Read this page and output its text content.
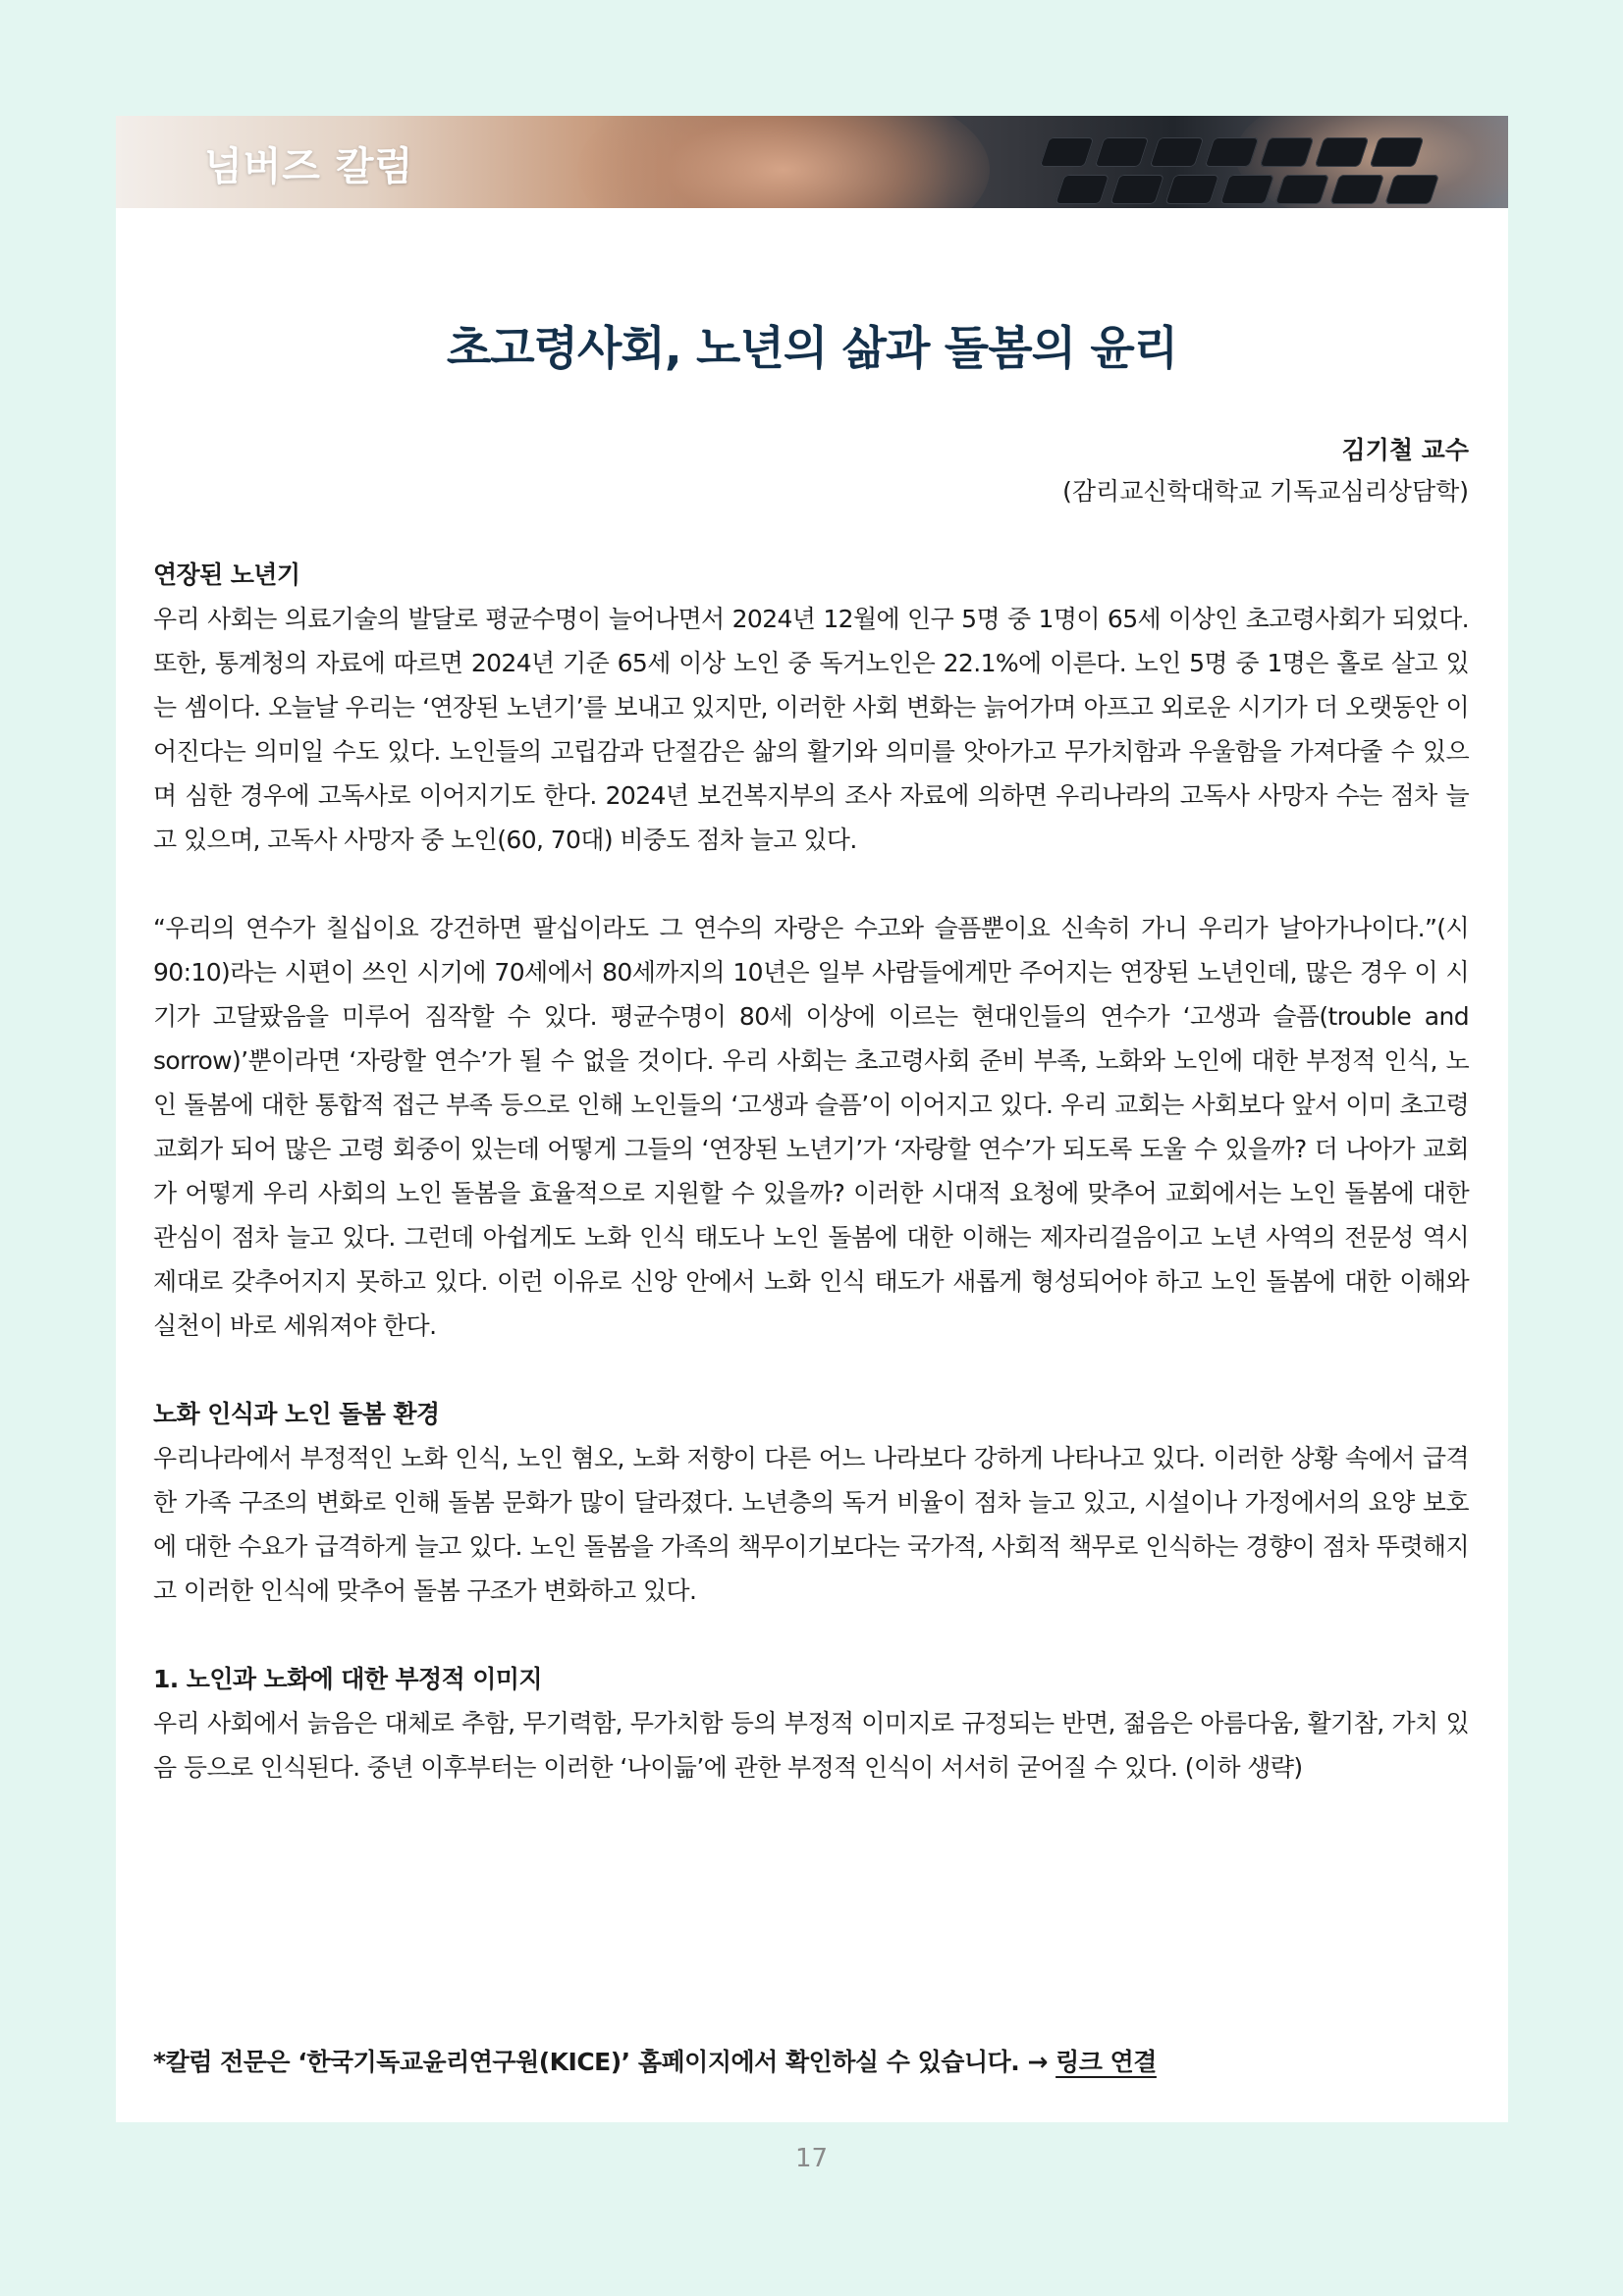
넘버즈 칼럼
초고령사회, 노년의 삶과 돌봄의 윤리
김기철 교수
(감리교신학대학교 기독교심리상담학)
연장된 노년기

우리 사회는 의료기술의 발달로 평균수명이 늘어나면서 2024년 12월에 인구 5명 중 1명이 65세 이상인 초고령사회가 되었다. 또한, 통계청의 자료에 따르면 2024년 기준 65세 이상 노인 중 독거노인은 22.1%에 이른다. 노인 5명 중 1명은 홀로 살고 있는 셈이다. 오늘날 우리는 ‘연장된 노년기’를 보내고 있지만, 이러한 사회 변화는 늙어가며 아프고 외로운 시기가 더 오랫동안 이어진다는 의미일 수도 있다. 노인들의 고립감과 단절감은 삶의 활기와 의미를 앗아가고 무가치함과 우울함을 가져다줄 수 있으며 심한 경우에 고독사로 이어지기도 한다. 2024년 보건복지부의 조사 자료에 의하면 우리나라의 고독사 사망자 수는 점차 늘고 있으며, 고독사 사망자 중 노인(60, 70대) 비중도 점차 늘고 있다.

“우리의 연수가 칠십이요 강건하면 팔십이라도 그 연수의 자랑은 수고와 슬픔뿐이요 신속히 가니 우리가 날아가나이다.”(시 90:10)라는 시편이 쓰인 시기에 70세에서 80세까지의 10년은 일부 사람들에게만 주어지는 연장된 노년인데, 많은 경우 이 시기가 고달팠음을 미루어 짐작할 수 있다. 평균수명이 80세 이상에 이르는 현대인들의 연수가 ‘고생과 슬픔(trouble and sorrow)’뿐이라면 ‘자랑할 연수’가 될 수 없을 것이다. 우리 사회는 초고령사회 준비 부족, 노화와 노인에 대한 부정적 인식, 노인 돌봄에 대한 통합적 접근 부족 등으로 인해 노인들의 ‘고생과 슬픔’이 이어지고 있다. 우리 교회는 사회보다 앞서 이미 초고령교회가 되어 많은 고령 회중이 있는데 어떻게 그들의 ‘연장된 노년기’가 ‘자랑할 연수’가 되도록 도울 수 있을까? 더 나아가 교회가 어떻게 우리 사회의 노인 돌봄을 효율적으로 지원할 수 있을까? 이러한 시대적 요청에 맞추어 교회에서는 노인 돌봄에 대한 관심이 점차 늘고 있다. 그런데 아쉽게도 노화 인식 태도나 노인 돌봄에 대한 이해는 제자리걸음이고 노년 사역의 전문성 역시 제대로 갖추어지지 못하고 있다. 이런 이유로 신앙 안에서 노화 인식 태도가 새롭게 형성되어야 하고 노인 돌봄에 대한 이해와 실천이 바로 세워져야 한다.

노화 인식과 노인 돌봄 환경

우리나라에서 부정적인 노화 인식, 노인 혐오, 노화 저항이 다른 어느 나라보다 강하게 나타나고 있다. 이러한 상황 속에서 급격한 가족 구조의 변화로 인해 돌봄 문화가 많이 달라졌다. 노년층의 독거 비율이 점차 늘고 있고, 시설이나 가정에서의 요양 보호에 대한 수요가 급격하게 늘고 있다. 노인 돌봄을 가족의 책무이기보다는 국가적, 사회적 책무로 인식하는 경향이 점차 뚜렷해지고 이러한 인식에 맞추어 돌봄 구조가 변화하고 있다.

1. 노인과 노화에 대한 부정적 이미지

우리 사회에서 늙음은 대체로 추함, 무기력함, 무가치함 등의 부정적 이미지로 규정되는 반면, 젊음은 아름다움, 활기참, 가치 있음 등으로 인식된다. 중년 이후부터는 이러한 ‘나이듦’에 관한 부정적 인식이 서서히 굳어질 수 있다. (이하 생략)

*칼럼 전문은 ‘한국기독교윤리연구원(KICE)’ 홈페이지에서 확인하실 수 있습니다. → 링크 연결
17
